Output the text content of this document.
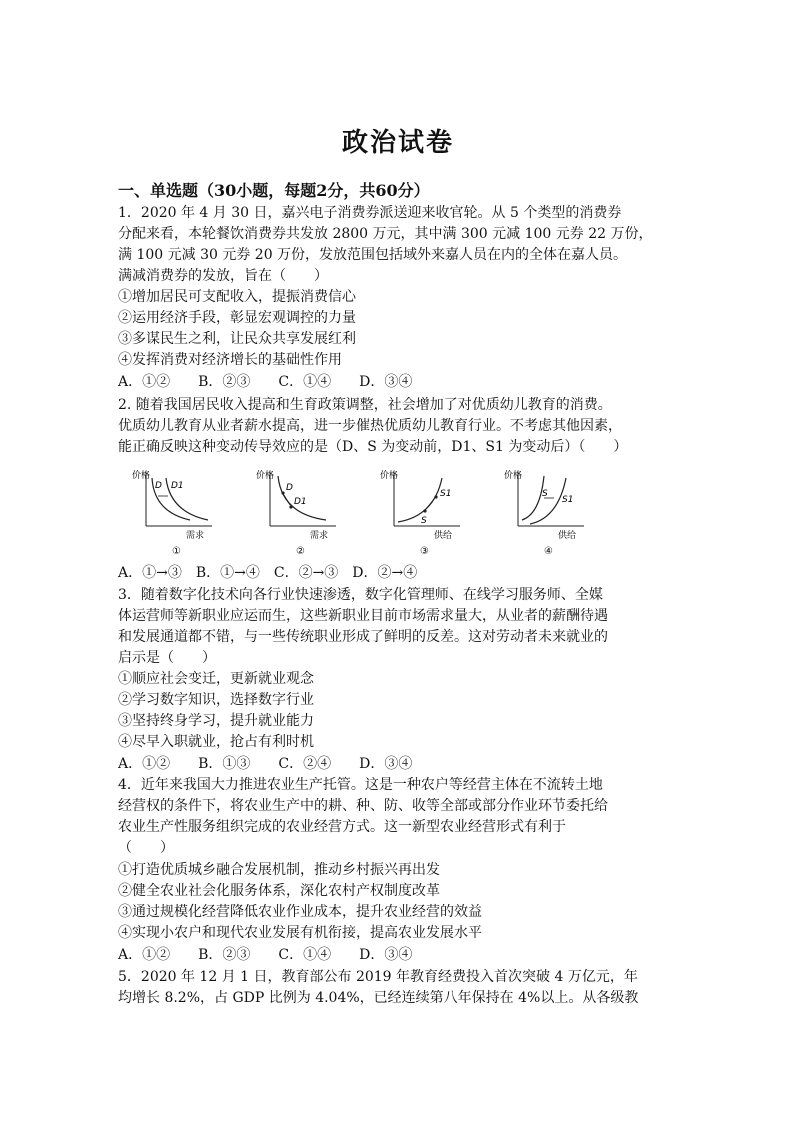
政治试卷
一、单选题（30小题，每题2分，共60分）
1．2020 年 4 月 30 日，嘉兴电子消费券派送迎来收官轮。从 5 个类型的消费券
分配来看，本轮餐饮消费券共发放 2800 万元，其中满 300 元减 100 元券 22 万份，
满 100 元减 30 元券 20 万份，发放范围包括域外来嘉人员在内的全体在嘉人员。
满减消费券的发放，旨在（　　）
①增加居民可支配收入，提振消费信心
②运用经济手段，彰显宏观调控的力量
③多谋民生之利，让民众共享发展红利
④发挥消费对经济增长的基础性作用
A．①②　　B．②③　　C．①④　　D．③④
2. 随着我国居民收入提高和生育政策调整，社会增加了对优质幼儿教育的消费。
优质幼儿教育从业者薪水提高，进一步催热优质幼儿教育行业。不考虑其他因素，
能正确反映这种变动传导效应的是（D、S 为变动前，D1、S1 为变动后）（　　）
价格
D D1
需求
①
价格
D
D1
需求
②
价格
S
S1
供给
③
价格
S
S1
供给
④
A．①→③　B．①→④　C．②→③　D．②→④
3．随着数字化技术向各行业快速渗透，数字化管理师、在线学习服务师、全媒
体运营师等新职业应运而生，这些新职业目前市场需求量大，从业者的薪酬待遇
和发展通道都不错，与一些传统职业形成了鲜明的反差。这对劳动者未来就业的
启示是（　　）
①顺应社会变迁，更新就业观念
②学习数字知识，选择数字行业
③坚持终身学习，提升就业能力
④尽早入职就业，抢占有利时机
A．①②　　B．①③　　C．②④　　D．③④
4．近年来我国大力推进农业生产托管。这是一种农户等经营主体在不流转土地
经营权的条件下，将农业生产中的耕、种、防、收等全部或部分作业环节委托给
农业生产性服务组织完成的农业经营方式。这一新型农业经营形式有利于
（　　）
①打造优质城乡融合发展机制，推动乡村振兴再出发
②健全农业社会化服务体系，深化农村产权制度改革
③通过规模化经营降低农业作业成本，提升农业经营的效益
④实现小农户和现代农业发展有机衔接，提高农业发展水平
A．①②　　B．②③　　C．①④　　D．③④
5．2020 年 12 月 1 日，教育部公布 2019 年教育经费投入首次突破 4 万亿元，年
均增长 8.2%，占 GDP 比例为 4.04%，已经连续第八年保持在 4%以上。从各级教
